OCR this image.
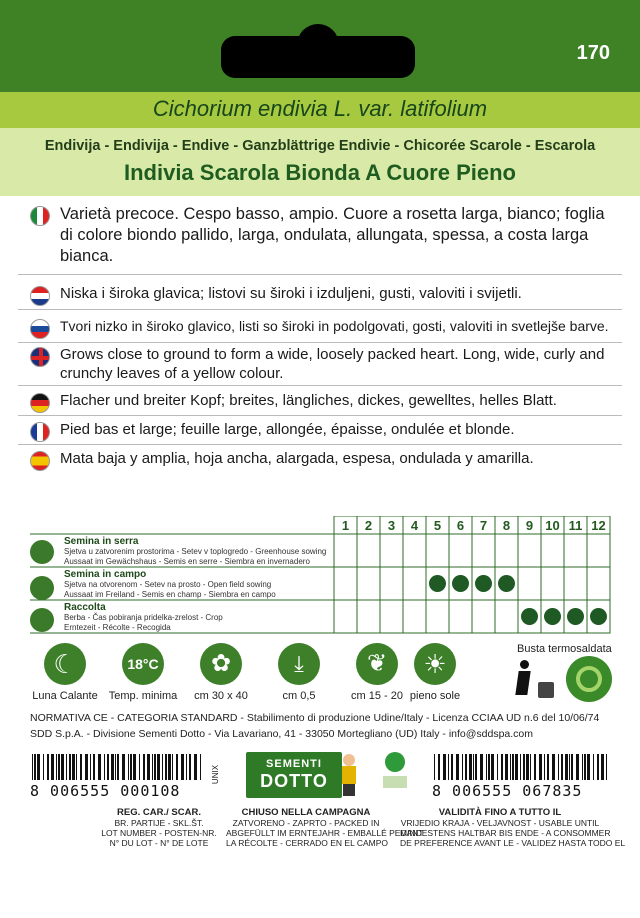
170
Cichorium endivia L. var. latifolium
Endivija - Endivija - Endive - Ganzblättrige Endivie - Chicorée Scarole - Escarola
Indivia Scarola Bionda A Cuore Pieno
Varietà precoce. Cespo basso, ampio. Cuore a rosetta larga, bianco; foglia di colore biondo pallido, larga, ondulata, allungata, spessa, a costa larga bianca.
Niska i široka glavica; listovi su široki i izduljeni, gusti, valoviti i svijetli.
Tvori nizko in široko glavico, listi so široki in podolgovati, gosti, valoviti in svetlejše barve.
Grows close to ground to form a wide, loosely packed heart. Long, wide, curly and crunchy leaves of a yellow colour.
Flacher und breiter Kopf; breites, längliches, dickes, gewelltes, helles Blatt.
Pied bas et large; feuille large, allongée, épaisse, ondulée et blonde.
Mata baja y amplia, hoja ancha, alargada, espesa, ondulada y amarilla.
1 2 3 4 5 6 7 8 9 10 11 12
Semina in serra
Sjetva u zatvorenim prostorima - Setev v toplogredo - Greenhouse sowing
Aussaat im Gewächshaus - Semis en serre - Siembra en invernadero
Semina in campo
Sjetva na otvorenom - Setev na prosto - Open field sowing
Aussaat im Freiland - Semis en champ - Siembra en campo
Raccolta
Berba - Čas pobiranja pridelka-zrelost - Crop
Erntezeit - Récolte - Recogida
☾
Luna Calante
18°C
Temp. minima
✿
cm 30 x 40
⤓
cm 0,5
❦
cm 15 - 20
☀
pieno sole
Busta termosaldata
NORMATIVA CE - CATEGORIA STANDARD - Stabilimento di produzione Udine/Italy - Licenza CCIAA UD n.6 del 10/06/74
SDD S.p.A. - Divisione Sementi Dotto - Via Lavariano, 41 - 33050 Mortegliano (UD) Italy - info@sddspa.com
8 006555 000108
UNIX
SEMENTI
DOTTO	8 006555 067835
REG. CAR./ SCAR.
BR. PARTIJE - SKL.ŠT.
LOT NUMBER - POSTEN-NR.
N° DU LOT - N° DE LOTE
CHIUSO NELLA CAMPAGNA
ZATVORENO - ZAPRTO - PACKED IN
ABGEFÜLLT IM ERNTEJAHR - EMBALLÉ PEDANT
LA RÉCOLTE - CERRADO EN EL CAMPO
VALIDITÀ FINO A TUTTO IL
VRIJEDIO KRAJA - VELJAVNOST - USABLE UNTIL
MINDESTENS HALTBAR BIS ENDE - A CONSOMMER
DE PREFERENCE AVANT LE - VALIDEZ HASTA TODO EL
